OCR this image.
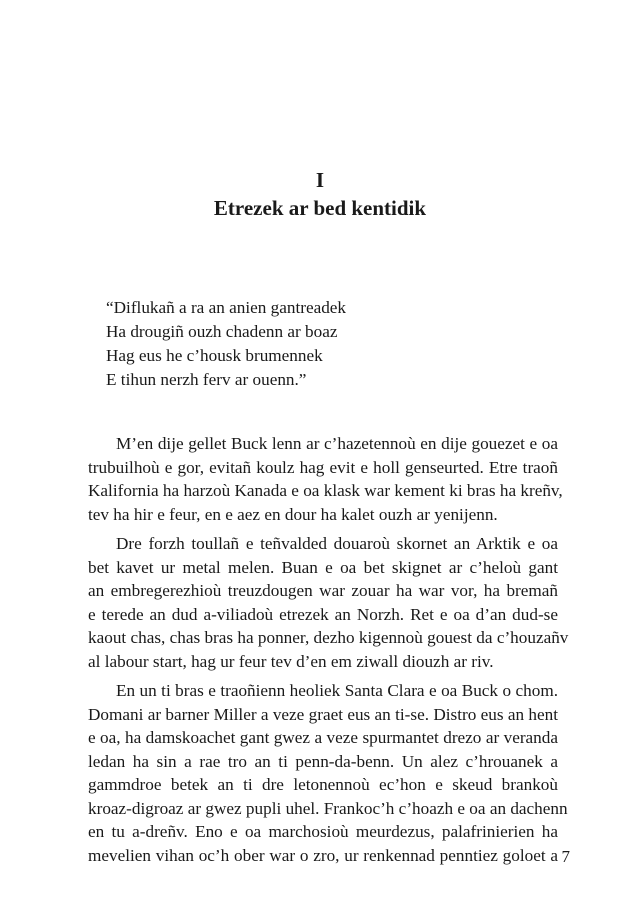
I
Etrezek ar bed kentidik
“Diflukañ a ra an anien gantreadek
Ha drougiñ ouzh chadenn ar boaz
Hag eus he c’housk brumennek
E tihun nerzh ferv ar ouenn.”
M’en dije gellet Buck lenn ar c’hazetennoù en dije gouezet e oa
trubuilhoù e gor, evitañ koulz hag evit e holl genseurted. Etre traoñ
Kalifornia ha harzoù Kanada e oa klask war kement ki bras ha kreñv,
tev ha hir e feur, en e aez en dour ha kalet ouzh ar yenijenn.
Dre forzh toullañ e teñvalded douaroù skornet an Arktik e oa
bet kavet ur metal melen. Buan e oa bet skignet ar c’heloù gant
an embregerezhioù treuzdougen war zouar ha war vor, ha bremañ
e terede an dud a-viliadoù etrezek an Norzh. Ret e oa d’an dud-se
kaout chas, chas bras ha ponner, dezho kigennoù gouest da c’houzañv
al labour start, hag ur feur tev d’en em ziwall diouzh ar riv.
En un ti bras e traoñienn heoliek Santa Clara e oa Buck o chom.
Domani ar barner Miller a veze graet eus an ti-se. Distro eus an hent
e oa, ha damskoachet gant gwez a veze spurmantet drezo ar veranda
ledan ha sin a rae tro an ti penn-da-benn. Un alez c’hrouanek a
gammdroe betek an ti dre letonennoù ec’hon e skeud brankoù
kroaz-digroaz ar gwez pupli uhel. Frankoc’h c’hoazh e oa an dachenn
en tu a-dreñv. Eno e oa marchosioù meurdezus, palafrinierien ha
mevelien vihan oc’h ober war o zro, ur renkennad penntiez goloet a 7
